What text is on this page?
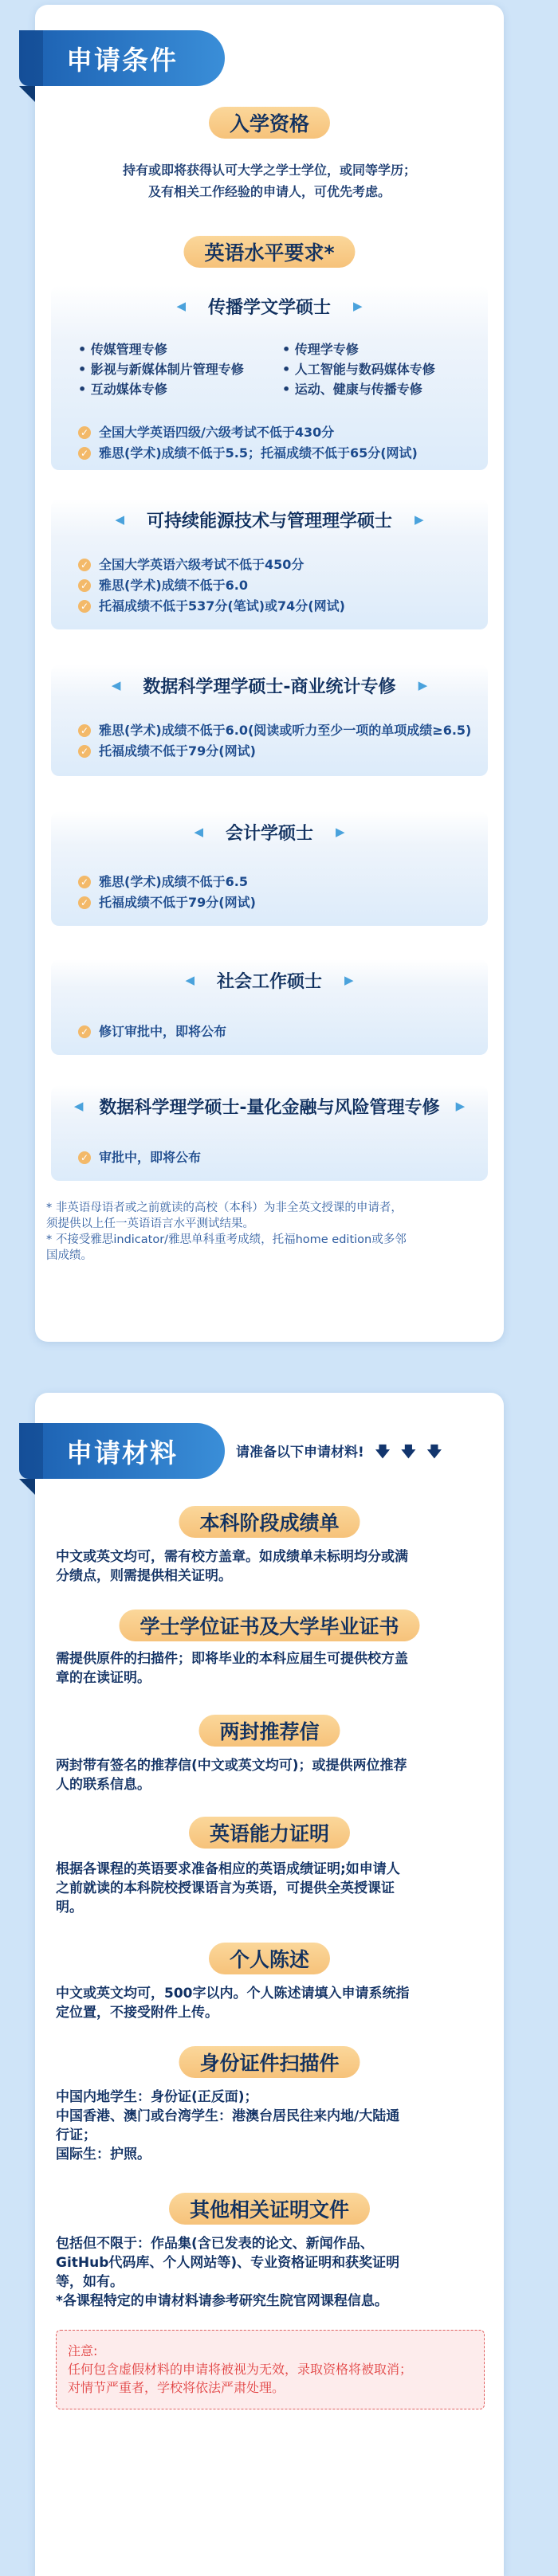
申请条件
入学资格
持有或即将获得认可大学之学士学位，或同等学历；
及有相关工作经验的申请人，可优先考虑。
英语水平要求*
◀ 传播学文学硕士 ▶
• 传媒管理专修	• 传理学专修
• 影视与新媒体制片管理专修	• 人工智能与数码媒体专修
• 互动媒体专修	• 运动、健康与传播专修
✓ 全国大学英语四级/六级考试不低于430分
✓ 雅思(学术)成绩不低于5.5；托福成绩不低于65分(网试)
◀ 可持续能源技术与管理理学硕士 ▶
✓ 全国大学英语六级考试不低于450分
✓ 雅思(学术)成绩不低于6.0
✓ 托福成绩不低于537分(笔试)或74分(网试)
◀ 数据科学理学硕士-商业统计专修 ▶
✓ 雅思(学术)成绩不低于6.0(阅读或听力至少一项的单项成绩≥6.5)
✓ 托福成绩不低于79分(网试)
◀ 会计学硕士 ▶
✓ 雅思(学术)成绩不低于6.5
✓ 托福成绩不低于79分(网试)
◀ 社会工作硕士 ▶
✓ 修订审批中，即将公布
◀ 数据科学理学硕士-量化金融与风险管理专修 ▶
✓ 审批中，即将公布
* 非英语母语者或之前就读的高校（本科）为非全英文授课的申请者，
须提供以上任一英语语言水平测试结果。
* 不接受雅思indicator/雅思单科重考成绩，托福home edition或多邻
国成绩。
申请材料	请准备以下申请材料! 🡇 🡇 🡇
本科阶段成绩单
中文或英文均可，需有校方盖章。如成绩单未标明均分或满
分绩点，则需提供相关证明。
学士学位证书及大学毕业证书
需提供原件的扫描件；即将毕业的本科应届生可提供校方盖
章的在读证明。
两封推荐信
两封带有签名的推荐信(中文或英文均可)；或提供两位推荐
人的联系信息。
英语能力证明
根据各课程的英语要求准备相应的英语成绩证明;如申请人
之前就读的本科院校授课语言为英语，可提供全英授课证
明。
个人陈述
中文或英文均可，500字以内。个人陈述请填入申请系统指
定位置，不接受附件上传。
身份证件扫描件
中国内地学生：身份证(正反面)；
中国香港、澳门或台湾学生：港澳台居民往来内地/大陆通
行证；
国际生：护照。
其他相关证明文件
包括但不限于：作品集(含已发表的论文、新闻作品、
GitHub代码库、个人网站等)、专业资格证明和获奖证明
等，如有。
*各课程特定的申请材料请参考研究生院官网课程信息。
注意:
任何包含虚假材料的申请将被视为无效，录取资格将被取消；
对情节严重者，学校将依法严肃处理。
